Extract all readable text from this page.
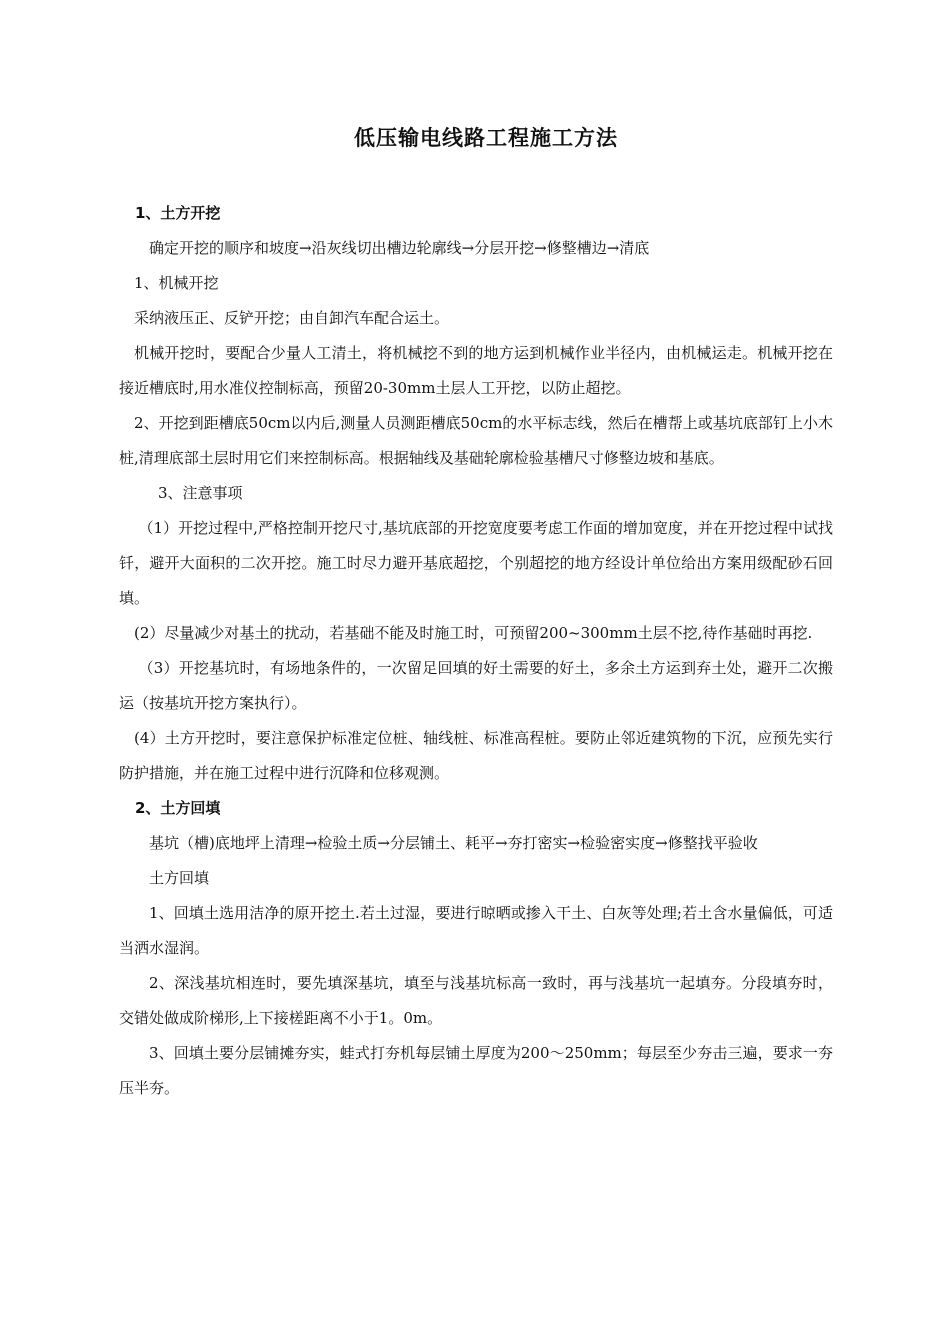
低压输电线路工程施工方法

1、土方开挖

确定开挖的顺序和坡度→沿灰线切出槽边轮廓线→分层开挖→修整槽边→清底

1、机械开挖

采纳液压正、反铲开挖；由自卸汽车配合运土。

机械开挖时，要配合少量人工清土，将机械挖不到的地方运到机械作业半径内，由机械运走。机械开挖在接近槽底时,用水准仪控制标高，预留20-30mm土层人工开挖，以防止超挖。

2、开挖到距槽底50cm以内后,测量人员测距槽底50cm的水平标志线，然后在槽帮上或基坑底部钉上小木桩,清理底部土层时用它们来控制标高。根据轴线及基础轮廓检验基槽尺寸修整边坡和基底。

3、注意事项

（1）开挖过程中,严格控制开挖尺寸,基坑底部的开挖宽度要考虑工作面的增加宽度，并在开挖过程中试找钎，避开大面积的二次开挖。施工时尽力避开基底超挖，个别超挖的地方经设计单位给出方案用级配砂石回填。

(2）尽量减少对基土的扰动，若基础不能及时施工时，可预留200~300mm土层不挖,待作基础时再挖.

（3）开挖基坑时，有场地条件的，一次留足回填的好土需要的好土，多余土方运到弃土处，避开二次搬运（按基坑开挖方案执行）。

(4）土方开挖时，要注意保护标准定位桩、轴线桩、标准高程桩。要防止邻近建筑物的下沉，应预先实行防护措施，并在施工过程中进行沉降和位移观测。

2、土方回填

基坑（槽)底地坪上清理→检验土质→分层铺土、耗平→夯打密实→检验密实度→修整找平验收

土方回填

1、回填土选用洁净的原开挖土.若土过湿，要进行晾晒或掺入干土、白灰等处理;若土含水量偏低，可适当洒水湿润。

2、深浅基坑相连时，要先填深基坑，填至与浅基坑标高一致时，再与浅基坑一起填夯。分段填夯时，交错处做成阶梯形,上下接槎距离不小于1。0m。

3、回填土要分层铺摊夯实，蛙式打夯机每层铺土厚度为200～250mm；每层至少夯击三遍，要求一夯压半夯。
